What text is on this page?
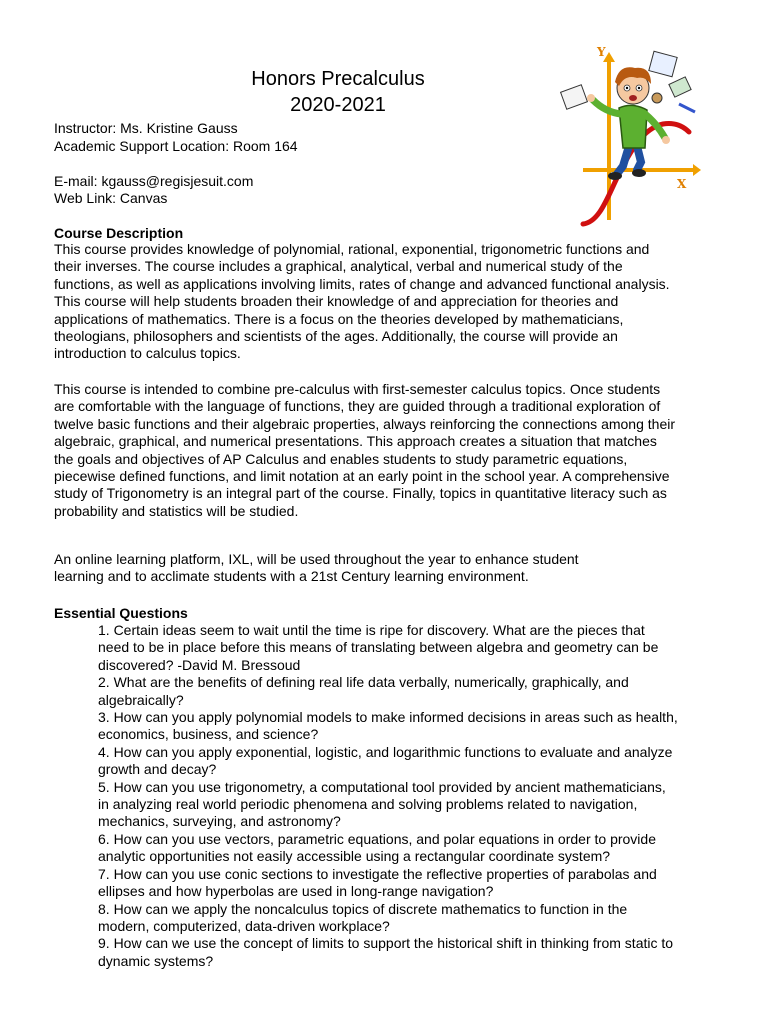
Honors Precalculus
2020-2021
Instructor: Ms. Kristine Gauss
Academic Support Location: Room 164
E-mail: kgauss@regisjesuit.com
Web Link: Canvas
Y
X
Course Description
This course provides knowledge of polynomial, rational, exponential, trigonometric functions and
their inverses. The course includes a graphical, analytical, verbal and numerical study of the
functions, as well as applications involving limits, rates of change and advanced functional analysis.
This course will help students broaden their knowledge of and appreciation for theories and
applications of mathematics. There is a focus on the theories developed by mathematicians,
theologians, philosophers and scientists of the ages. Additionally, the course will provide an
introduction to calculus topics.
This course is intended to combine pre-calculus with first-semester calculus topics. Once students
are comfortable with the language of functions, they are guided through a traditional exploration of
twelve basic functions and their algebraic properties, always reinforcing the connections among their
algebraic, graphical, and numerical presentations. This approach creates a situation that matches
the goals and objectives of AP Calculus and enables students to study parametric equations,
piecewise defined functions, and limit notation at an early point in the school year. A comprehensive
study of Trigonometry is an integral part of the course. Finally, topics in quantitative literacy such as
probability and statistics will be studied.
An online learning platform, IXL, will be used throughout the year to enhance student
learning and to acclimate students with a 21st Century learning environment.
Essential Questions
1. Certain ideas seem to wait until the time is ripe for discovery. What are the pieces that
need to be in place before this means of translating between algebra and geometry can be
discovered? -David M. Bressoud
2. What are the benefits of defining real life data verbally, numerically, graphically, and
algebraically?
3. How can you apply polynomial models to make informed decisions in areas such as health,
economics, business, and science?
4. How can you apply exponential, logistic, and logarithmic functions to evaluate and analyze
growth and decay?
5. How can you use trigonometry, a computational tool provided by ancient mathematicians,
in analyzing real world periodic phenomena and solving problems related to navigation,
mechanics, surveying, and astronomy?
6. How can you use vectors, parametric equations, and polar equations in order to provide
analytic opportunities not easily accessible using a rectangular coordinate system?
7. How can you use conic sections to investigate the reflective properties of parabolas and
ellipses and how hyperbolas are used in long-range navigation?
8. How can we apply the noncalculus topics of discrete mathematics to function in the
modern, computerized, data-driven workplace?
9. How can we use the concept of limits to support the historical shift in thinking from static to
dynamic systems?
